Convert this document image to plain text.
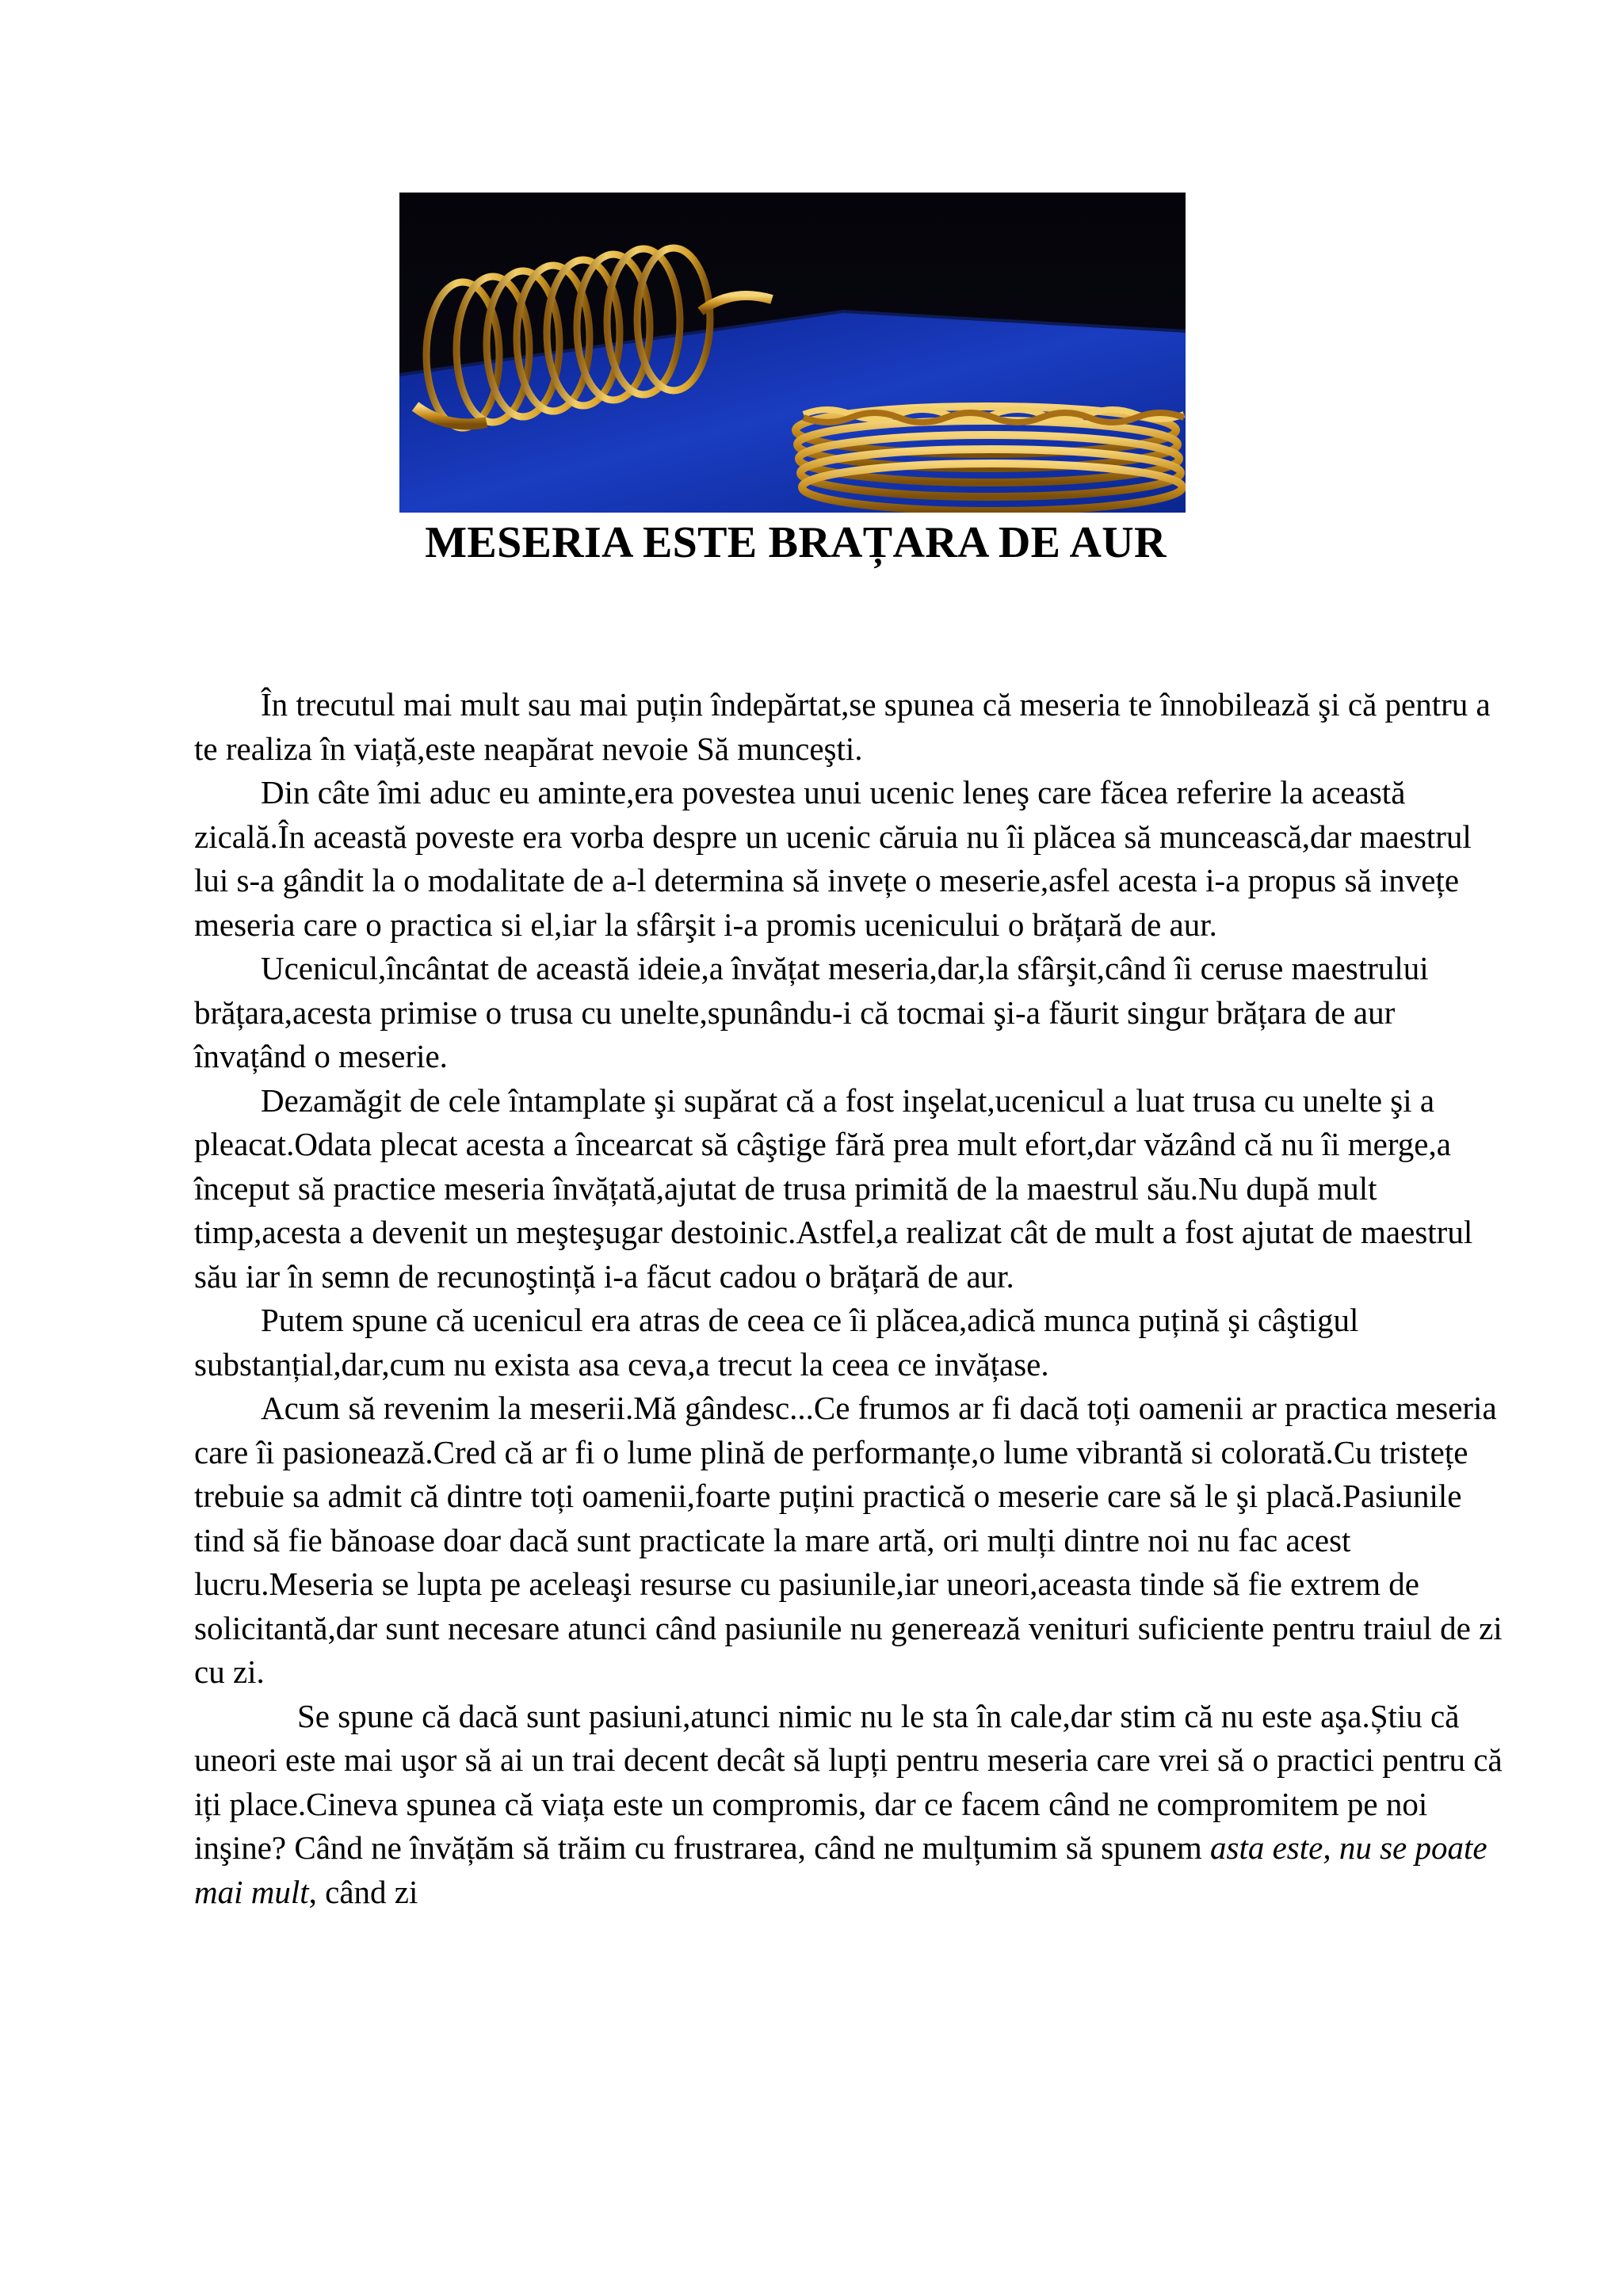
MESERIA ESTE BRAȚARA DE AUR

În trecutul mai mult sau mai puțin îndepărtat,se spunea că meseria te înnobilează şi că pentru a te realiza în viață,este neapărat nevoie Să munceşti.

Din câte îmi aduc eu aminte,era povestea unui ucenic leneş care făcea referire la această zicală.În această poveste era vorba despre un ucenic căruia nu îi plăcea să muncească,dar maestrul lui s-a gândit la o modalitate de a-l determina să invețe o meserie,asfel acesta i-a propus să invețe meseria care o practica si el,iar la sfârşit i-a promis ucenicului o brățară de aur.

Ucenicul,încântat de această ideie,a învățat meseria,dar,la sfârşit,când îi ceruse maestrului brățara,acesta primise o trusa cu unelte,spunându-i că tocmai şi-a făurit singur brățara de aur învațând o meserie.

Dezamăgit de cele întamplate şi supărat că a fost inşelat,ucenicul a luat trusa cu unelte şi a pleacat.Odata plecat acesta a încearcat să câştige fără prea mult efort,dar văzând că nu îi merge,a început să practice meseria învățată,ajutat de trusa primită de la maestrul său.Nu după mult timp,acesta a devenit un meşteşugar destoinic.Astfel,a realizat cât de mult a fost ajutat de maestrul său iar în semn de recunoştință i-a făcut cadou o brățară de aur.

Putem spune că ucenicul era atras de ceea ce îi plăcea,adică munca puțină şi câştigul substanțial,dar,cum nu exista asa ceva,a trecut la ceea ce invățase.

Acum să revenim la meserii.Mă gândesc...Ce frumos ar fi dacă toți oamenii ar practica meseria care îi pasionează.Cred că ar fi o lume plină de performanțe,o lume vibrantă si colorată.Cu tristețe trebuie sa admit că dintre toți oamenii,foarte puțini practică o meserie care să le şi placă.Pasiunile tind să fie bănoase doar dacă sunt practicate la mare artă, ori mulți dintre noi nu fac acest lucru.Meseria se lupta pe aceleaşi resurse cu pasiunile,iar uneori,aceasta tinde să fie extrem de solicitantă,dar sunt necesare atunci când pasiunile nu generează venituri suficiente pentru traiul de zi cu zi.

Se spune că dacă sunt pasiuni,atunci nimic nu le sta în cale,dar stim că nu este aşa.Știu că uneori este mai uşor să ai un trai decent decât să lupți pentru meseria care vrei să o practici pentru că iți place.Cineva spunea că viața este un compromis, dar ce facem când ne compromitem pe noi inşine? Când ne învățăm să trăim cu frustrarea, când ne mulțumim să spunem asta este, nu se poate mai mult, când zi
